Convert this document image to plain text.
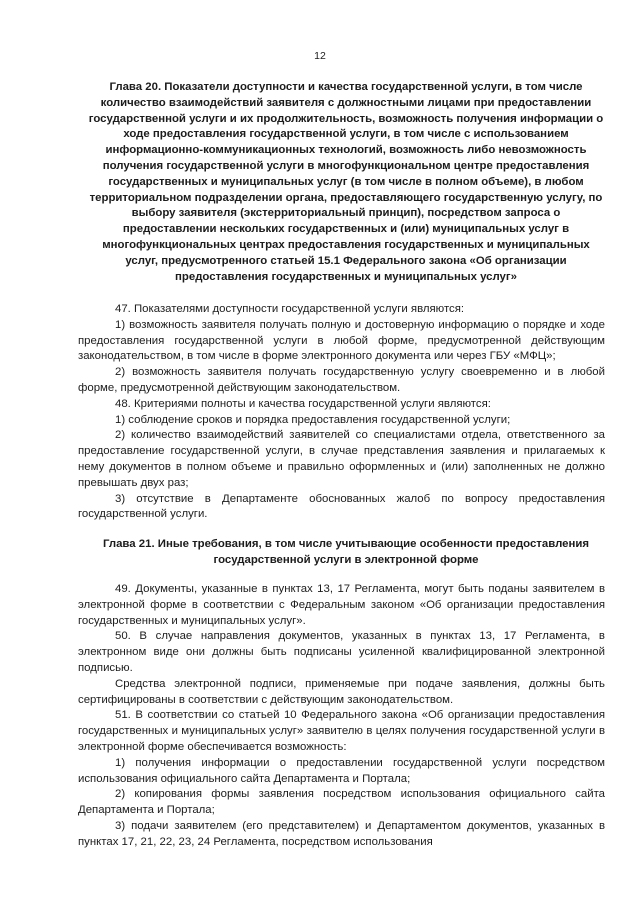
12
Глава 20. Показатели доступности и качества государственной услуги, в том числе количество взаимодействий заявителя с должностными лицами при предоставлении государственной услуги и их продолжительность, возможность получения информации о ходе предоставления государственной услуги, в том числе с использованием информационно-коммуникационных технологий, возможность либо невозможность получения государственной услуги в многофункциональном центре предоставления государственных и муниципальных услуг (в том числе в полном объеме), в любом территориальном подразделении органа, предоставляющего государственную услугу, по выбору заявителя (экстерриториальный принцип), посредством запроса о предоставлении нескольких государственных и (или) муниципальных услуг в многофункциональных центрах предоставления государственных и муниципальных услуг, предусмотренного статьей 15.1 Федерального закона «Об организации предоставления государственных и муниципальных услуг»

47. Показателями доступности государственной услуги являются:

1) возможность заявителя получать полную и достоверную информацию о порядке и ходе предоставления государственной услуги в любой форме, предусмотренной действующим законодательством, в том числе в форме электронного документа или через ГБУ «МФЦ»;

2) возможность заявителя получать государственную услугу своевременно и в любой форме, предусмотренной действующим законодательством.

48. Критериями полноты и качества государственной услуги являются:

1) соблюдение сроков и порядка предоставления государственной услуги;

2) количество взаимодействий заявителей со специалистами отдела, ответственного за предоставление государственной услуги, в случае представления заявления и прилагаемых к нему документов в полном объеме и правильно оформленных и (или) заполненных не должно превышать двух раз;

3) отсутствие в Департаменте обоснованных жалоб по вопросу предоставления государственной услуги.

Глава 21. Иные требования, в том числе учитывающие особенности предоставления государственной услуги в электронной форме

49. Документы, указанные в пунктах 13, 17 Регламента, могут быть поданы заявителем в электронной форме в соответствии с Федеральным законом «Об организации предоставления государственных и муниципальных услуг».

50. В случае направления документов, указанных в пунктах 13, 17 Регламента, в электронном виде они должны быть подписаны усиленной квалифицированной электронной подписью.

Средства электронной подписи, применяемые при подаче заявления, должны быть сертифицированы в соответствии с действующим законодательством.

51. В соответствии со статьей 10 Федерального закона «Об организации предоставления государственных и муниципальных услуг» заявителю в целях получения государственной услуги в электронной форме обеспечивается возможность:

1) получения информации о предоставлении государственной услуги посредством использования официального сайта Департамента и Портала;

2) копирования формы заявления посредством использования официального сайта Департамента и Портала;

3) подачи заявителем (его представителем) и Департаментом документов, указанных в пунктах 17, 21, 22, 23, 24 Регламента, посредством использования
